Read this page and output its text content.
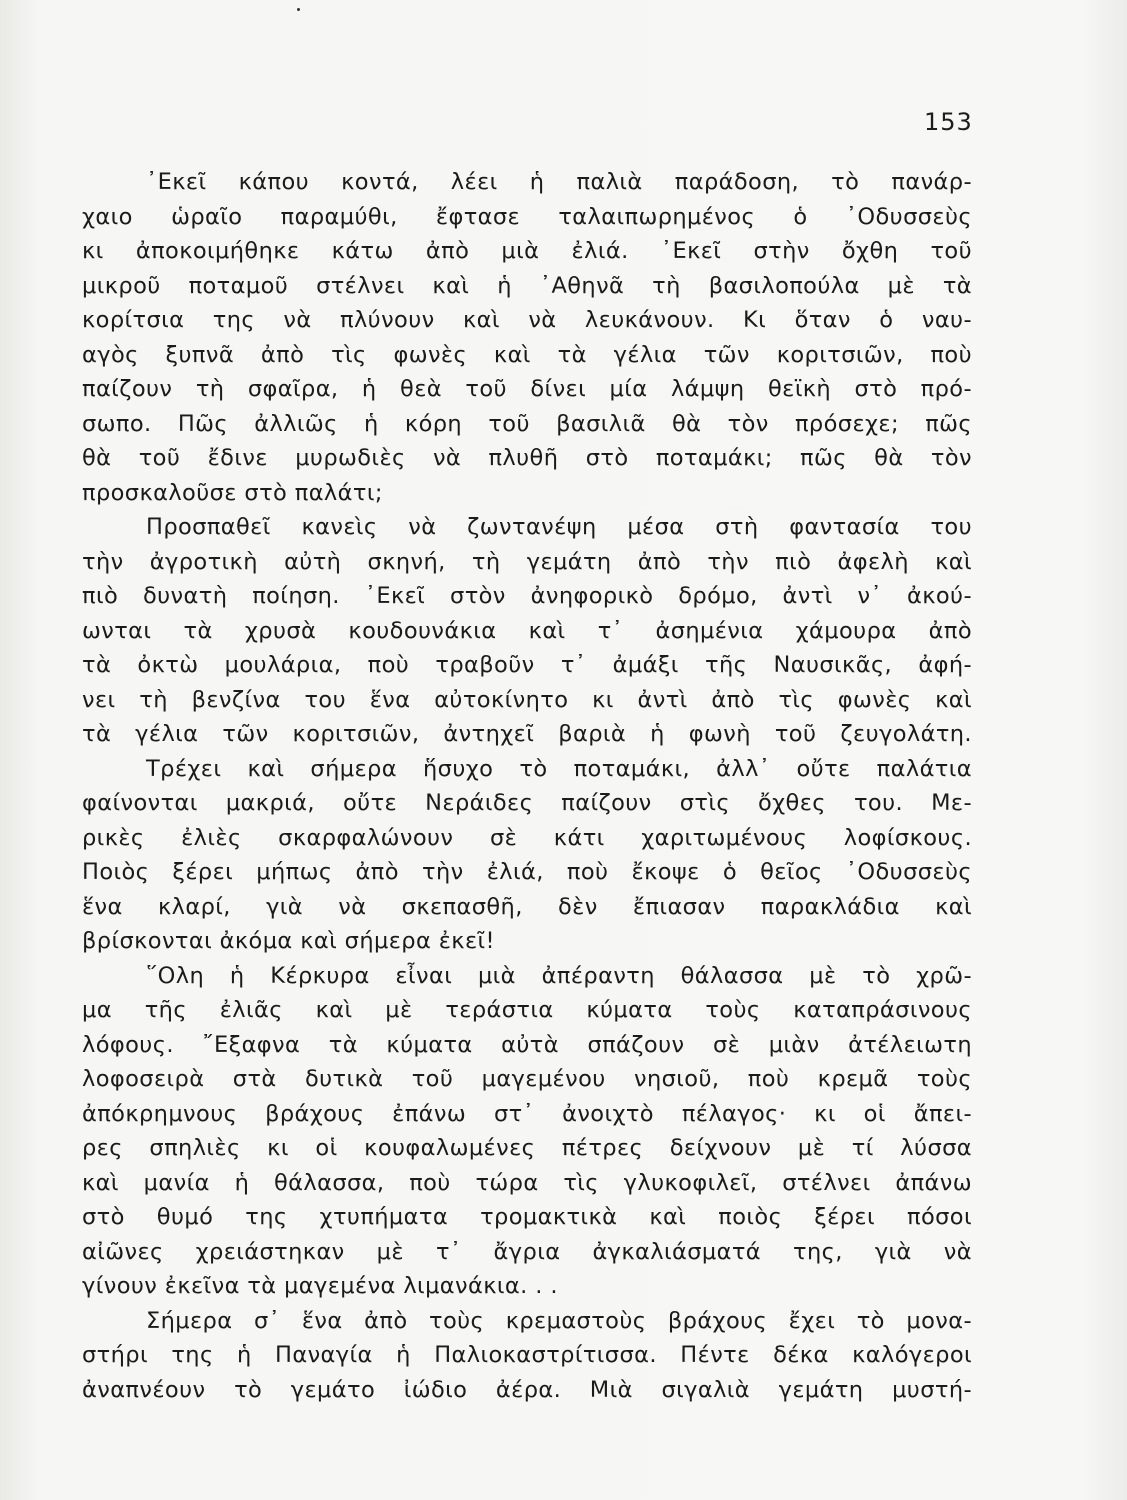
153
᾿Εκεῖ κάπου κοντά, λέει ἡ παλιὰ παράδοση, τὸ πανάρ-
χαιο ὡραῖο παραμύθι, ἔφτασε ταλαιπωρημένος ὁ ᾿Οδυσσεὺς
κι ἀποκοιμήθηκε κάτω ἀπὸ μιὰ ἐλιά. ᾿Εκεῖ στὴν ὄχθη τοῦ
μικροῦ ποταμοῦ στέλνει καὶ ἡ ᾿Αθηνᾶ τὴ βασιλοπούλα μὲ τὰ
κορίτσια της νὰ πλύνουν καὶ νὰ λευκάνουν. Κι ὅταν ὁ ναυ-
αγὸς ξυπνᾶ ἀπὸ τὶς φωνὲς καὶ τὰ γέλια τῶν κοριτσιῶν, ποὺ
παίζουν τὴ σφαῖρα, ἡ θεὰ τοῦ δίνει μία λάμψη θεϊκὴ στὸ πρό-
σωπο. Πῶς ἀλλιῶς ἡ κόρη τοῦ βασιλιᾶ θὰ τὸν πρόσεχε; πῶς
θὰ τοῦ ἔδινε μυρωδιὲς νὰ πλυθῆ στὸ ποταμάκι; πῶς θὰ τὸν
προσκαλοῦσε στὸ παλάτι;
Προσπαθεῖ κανεὶς νὰ ζωντανέψη μέσα στὴ φαντασία του
τὴν ἀγροτικὴ αὐτὴ σκηνή, τὴ γεμάτη ἀπὸ τὴν πιὸ ἀφελὴ καὶ
πιὸ δυνατὴ ποίηση. ᾿Εκεῖ στὸν ἀνηφορικὸ δρόμο, ἀντὶ ν᾿ ἀκού-
ωνται τὰ χρυσὰ κουδουνάκια καὶ τ᾿ ἀσημένια χάμουρα ἀπὸ
τὰ ὀκτὼ μουλάρια, ποὺ τραβοῦν τ᾿ ἀμάξι τῆς Ναυσικᾶς, ἀφή-
νει τὴ βενζίνα του ἕνα αὐτοκίνητο κι ἀντὶ ἀπὸ τὶς φωνὲς καὶ
τὰ γέλια τῶν κοριτσιῶν, ἀντηχεῖ βαριὰ ἡ φωνὴ τοῦ ζευγολάτη.
Τρέχει καὶ σήμερα ἥσυχο τὸ ποταμάκι, ἀλλ᾿ οὔτε παλάτια
φαίνονται μακριά, οὔτε Νεράιδες παίζουν στὶς ὄχθες του. Με-
ρικὲς ἐλιὲς σκαρφαλώνουν σὲ κάτι χαριτωμένους λοφίσκους.
Ποιὸς ξέρει μήπως ἀπὸ τὴν ἐλιά, ποὺ ἔκοψε ὁ θεῖος ᾿Οδυσσεὺς
ἕνα κλαρί, γιὰ νὰ σκεπασθῆ, δὲν ἔπιασαν παρακλάδια καὶ
βρίσκονται ἀκόμα καὶ σήμερα ἐκεῖ!
῞Ολη ἡ Κέρκυρα εἶναι μιὰ ἀπέραντη θάλασσα μὲ τὸ χρῶ-
μα τῆς ἐλιᾶς καὶ μὲ τεράστια κύματα τοὺς καταπράσινους
λόφους. ῎Εξαφνα τὰ κύματα αὐτὰ σπάζουν σὲ μιὰν ἀτέλειωτη
λοφοσειρὰ στὰ δυτικὰ τοῦ μαγεμένου νησιοῦ, ποὺ κρεμᾶ τοὺς
ἀπόκρημνους βράχους ἐπάνω στ᾿ ἀνοιχτὸ πέλαγος· κι οἱ ἄπει-
ρες σπηλιὲς κι οἱ κουφαλωμένες πέτρες δείχνουν μὲ τί λύσσα
καὶ μανία ἡ θάλασσα, ποὺ τώρα τὶς γλυκοφιλεῖ, στέλνει ἀπάνω
στὸ θυμό της χτυπήματα τρομακτικὰ καὶ ποιὸς ξέρει πόσοι
αἰῶνες χρειάστηκαν μὲ τ᾿ ἄγρια ἀγκαλιάσματά της, γιὰ νὰ
γίνουν ἐκεῖνα τὰ μαγεμένα λιμανάκια. . .
Σήμερα σ᾿ ἕνα ἀπὸ τοὺς κρεμαστοὺς βράχους ἔχει τὸ μονα-
στήρι της ἡ Παναγία ἡ Παλιοκαστρίτισσα. Πέντε δέκα καλόγεροι
ἀναπνέουν τὸ γεμάτο ἰώδιο ἀέρα. Μιὰ σιγαλιὰ γεμάτη μυστή-
